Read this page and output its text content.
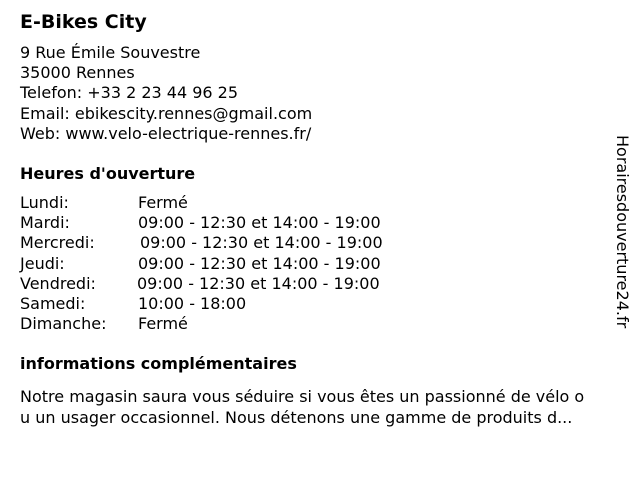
E-Bikes City
9 Rue Émile Souvestre
35000 Rennes
Telefon: +33 2 23 44 96 25
Email: ebikescity.rennes@gmail.com
Web: www.velo-electrique-rennes.fr/
Heures d'ouverture
Lundi:	Fermé
Mardi:	09:00 - 12:30 et 14:00 - 19:00
Mercredi:	09:00 - 12:30 et 14:00 - 19:00
Jeudi:	09:00 - 12:30 et 14:00 - 19:00
Vendredi:	09:00 - 12:30 et 14:00 - 19:00
Samedi:	10:00 - 18:00
Dimanche:	Fermé
informations complémentaires
Notre magasin saura vous séduire si vous êtes un passionné de vélo o
u un usager occasionnel. Nous détenons une gamme de produits d...
Horairesdouverture24.fr
